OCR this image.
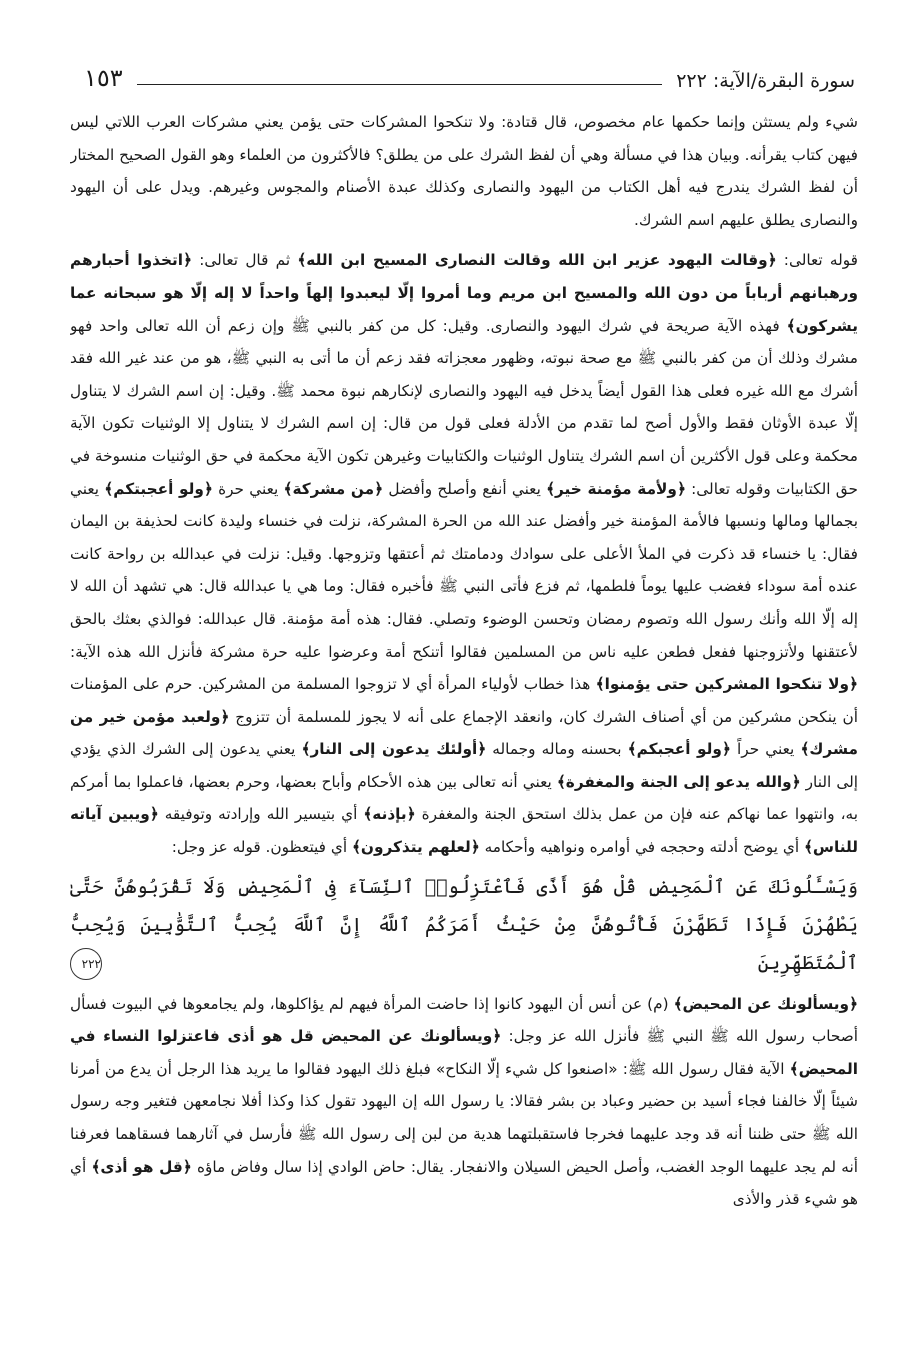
سورة البقرة/الآية: ٢٢٢
١٥٣

شيء ولم يستثن وإنما حكمها عام مخصوص، قال قتادة: ولا تنكحوا المشركات حتى يؤمن يعني مشركات العرب اللاتي ليس فيهن كتاب يقرأنه. وبيان هذا في مسألة وهي أن لفظ الشرك على من يطلق؟ فالأكثرون من العلماء وهو القول الصحيح المختار أن لفظ الشرك يندرج فيه أهل الكتاب من اليهود والنصارى وكذلك عبدة الأصنام والمجوس وغيرهم. ويدل على أن اليهود والنصارى يطلق عليهم اسم الشرك.

قوله تعالى: ﴿وقالت اليهود عزير ابن الله وقالت النصارى المسيح ابن الله﴾ ثم قال تعالى: ﴿اتخذوا أحبارهم ورهبانهم أرباباً من دون الله والمسيح ابن مريم وما أمروا إلّا ليعبدوا إلهاً واحداً لا إله إلّا هو سبحانه عما يشركون﴾ فهذه الآية صريحة في شرك اليهود والنصارى. وقيل: كل من كفر بالنبي ﷺ وإن زعم أن الله تعالى واحد فهو مشرك وذلك أن من كفر بالنبي ﷺ مع صحة نبوته، وظهور معجزاته فقد زعم أن ما أتى به النبي ﷺ، هو من عند غير الله فقد أشرك مع الله غيره فعلى هذا القول أيضاً يدخل فيه اليهود والنصارى لإنكارهم نبوة محمد ﷺ. وقيل: إن اسم الشرك لا يتناول إلّا عبدة الأوثان فقط والأول أصح لما تقدم من الأدلة فعلى قول من قال: إن اسم الشرك لا يتناول إلا الوثنيات تكون الآية محكمة وعلى قول الأكثرين أن اسم الشرك يتناول الوثنيات والكتابيات وغيرهن تكون الآية محكمة في حق الوثنيات منسوخة في حق الكتابيات وقوله تعالى: ﴿ولأمة مؤمنة خير﴾ يعني أنفع وأصلح وأفضل ﴿من مشركة﴾ يعني حرة ﴿ولو أعجبتكم﴾ يعني بجمالها ومالها ونسبها فالأمة المؤمنة خير وأفضل عند الله من الحرة المشركة، نزلت في خنساء وليدة كانت لحذيفة بن اليمان فقال: يا خنساء قد ذكرت في الملأ الأعلى على سوادك ودمامتك ثم أعتقها وتزوجها. وقيل: نزلت في عبدالله بن رواحة كانت عنده أمة سوداء فغضب عليها يوماً فلطمها، ثم فزع فأتى النبي ﷺ فأخبره فقال: وما هي يا عبدالله قال: هي تشهد أن الله لا إله إلّا الله وأنك رسول الله وتصوم رمضان وتحسن الوضوء وتصلي. فقال: هذه أمة مؤمنة. قال عبدالله: فوالذي بعثك بالحق لأعتقنها ولأتزوجنها ففعل فطعن عليه ناس من المسلمين فقالوا أتنكح أمة وعرضوا عليه حرة مشركة فأنزل الله هذه الآية: ﴿ولا تنكحوا المشركين حتى يؤمنوا﴾ هذا خطاب لأولياء المرأة أي لا تزوجوا المسلمة من المشركين. حرم على المؤمنات أن ينكحن مشركين من أي أصناف الشرك كان، وانعقد الإجماع على أنه لا يجوز للمسلمة أن تتزوج ﴿ولعبد مؤمن خير من مشرك﴾ يعني حراً ﴿ولو أعجبكم﴾ بحسنه وماله وجماله ﴿أولئك يدعون إلى النار﴾ يعني يدعون إلى الشرك الذي يؤدي إلى النار ﴿والله يدعو إلى الجنة والمغفرة﴾ يعني أنه تعالى بين هذه الأحكام وأباح بعضها، وحرم بعضها، فاعملوا بما أمركم به، وانتهوا عما نهاكم عنه فإن من عمل بذلك استحق الجنة والمغفرة ﴿بإذنه﴾ أي بتيسير الله وإرادته وتوفيقه ﴿ويبين آياته للناس﴾ أي يوضح أدلته وحججه في أوامره ونواهيه وأحكامه ﴿لعلهم يتذكرون﴾ أي فيتعظون. قوله عز وجل:

وَيَسْـَٔلُونَكَ عَنِ ٱلْمَحِيضِ قُلْ هُوَ أَذًى فَٱعْتَزِلُوا۟ ٱلنِّسَآءَ فِى ٱلْمَحِيضِ وَلَا تَقْرَبُوهُنَّ حَتَّىٰ يَطْهُرْنَ فَإِذَا تَطَهَّرْنَ فَأْتُوهُنَّ مِنْ حَيْثُ أَمَرَكُمُ ٱللَّهُ إِنَّ ٱللَّهَ يُحِبُّ ٱلتَّوَّٰبِينَ وَيُحِبُّ ٱلْمُتَطَهِّرِينَ ٢٢٢

﴿ويسألونك عن المحيض﴾ (م) عن أنس أن اليهود كانوا إذا حاضت المرأة فيهم لم يؤاكلوها، ولم يجامعوها في البيوت فسأل أصحاب رسول الله ﷺ النبي ﷺ فأنزل الله عز وجل: ﴿ويسألونك عن المحيض قل هو أذى فاعتزلوا النساء في المحيض﴾ الآية فقال رسول الله ﷺ: «اصنعوا كل شيء إلّا النكاح» فبلغ ذلك اليهود فقالوا ما يريد هذا الرجل أن يدع من أمرنا شيئاً إلّا خالفنا فجاء أسيد بن حضير وعباد بن بشر فقالا: يا رسول الله إن اليهود تقول كذا وكذا أفلا نجامعهن فتغير وجه رسول الله ﷺ حتى ظننا أنه قد وجد عليهما فخرجا فاستقبلتهما هدية من لبن إلى رسول الله ﷺ فأرسل في آثارهما فسقاهما فعرفنا أنه لم يجد عليهما الوجد الغضب، وأصل الحيض السيلان والانفجار. يقال: حاض الوادي إذا سال وفاض ماؤه ﴿قل هو أذى﴾ أي هو شيء قذر والأذى
